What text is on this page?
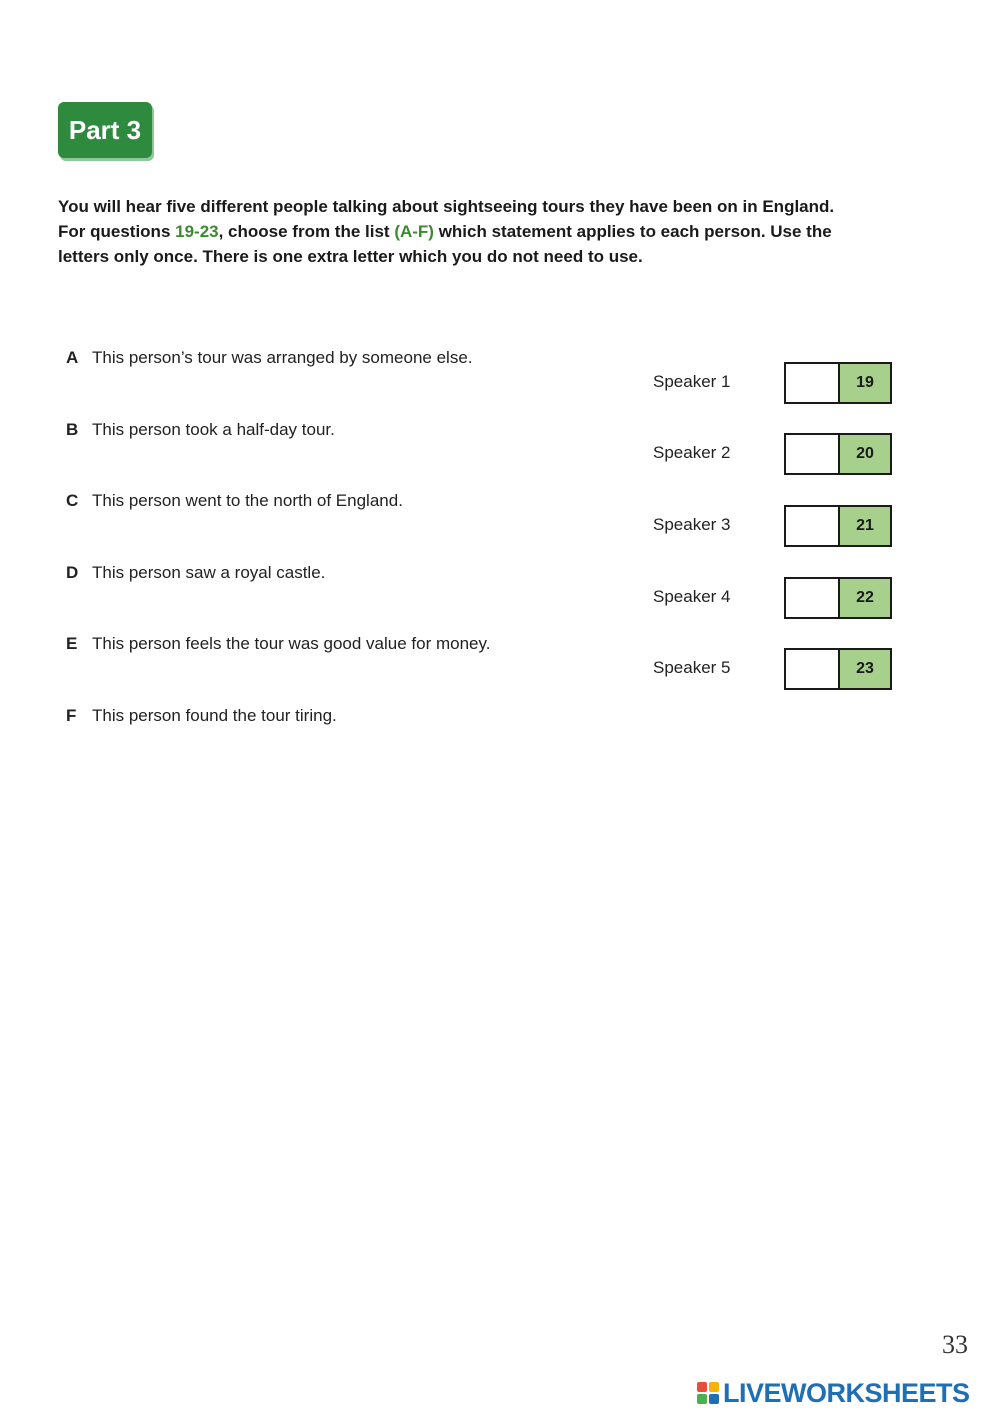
Part 3
You will hear five different people talking about sightseeing tours they have been on in England.
For questions 19-23, choose from the list (A-F) which statement applies to each person. Use the
letters only once. There is one extra letter which you do not need to use.
A This person’s tour was arranged by someone else.
B This person took a half-day tour.
C This person went to the north of England.
D This person saw a royal castle.
E This person feels the tour was good value for money.
F This person found the tour tiring.
Speaker 1	19
Speaker 2	20
Speaker 3	21
Speaker 4	22
Speaker 5	23
33
LIVEWORKSHEETS
